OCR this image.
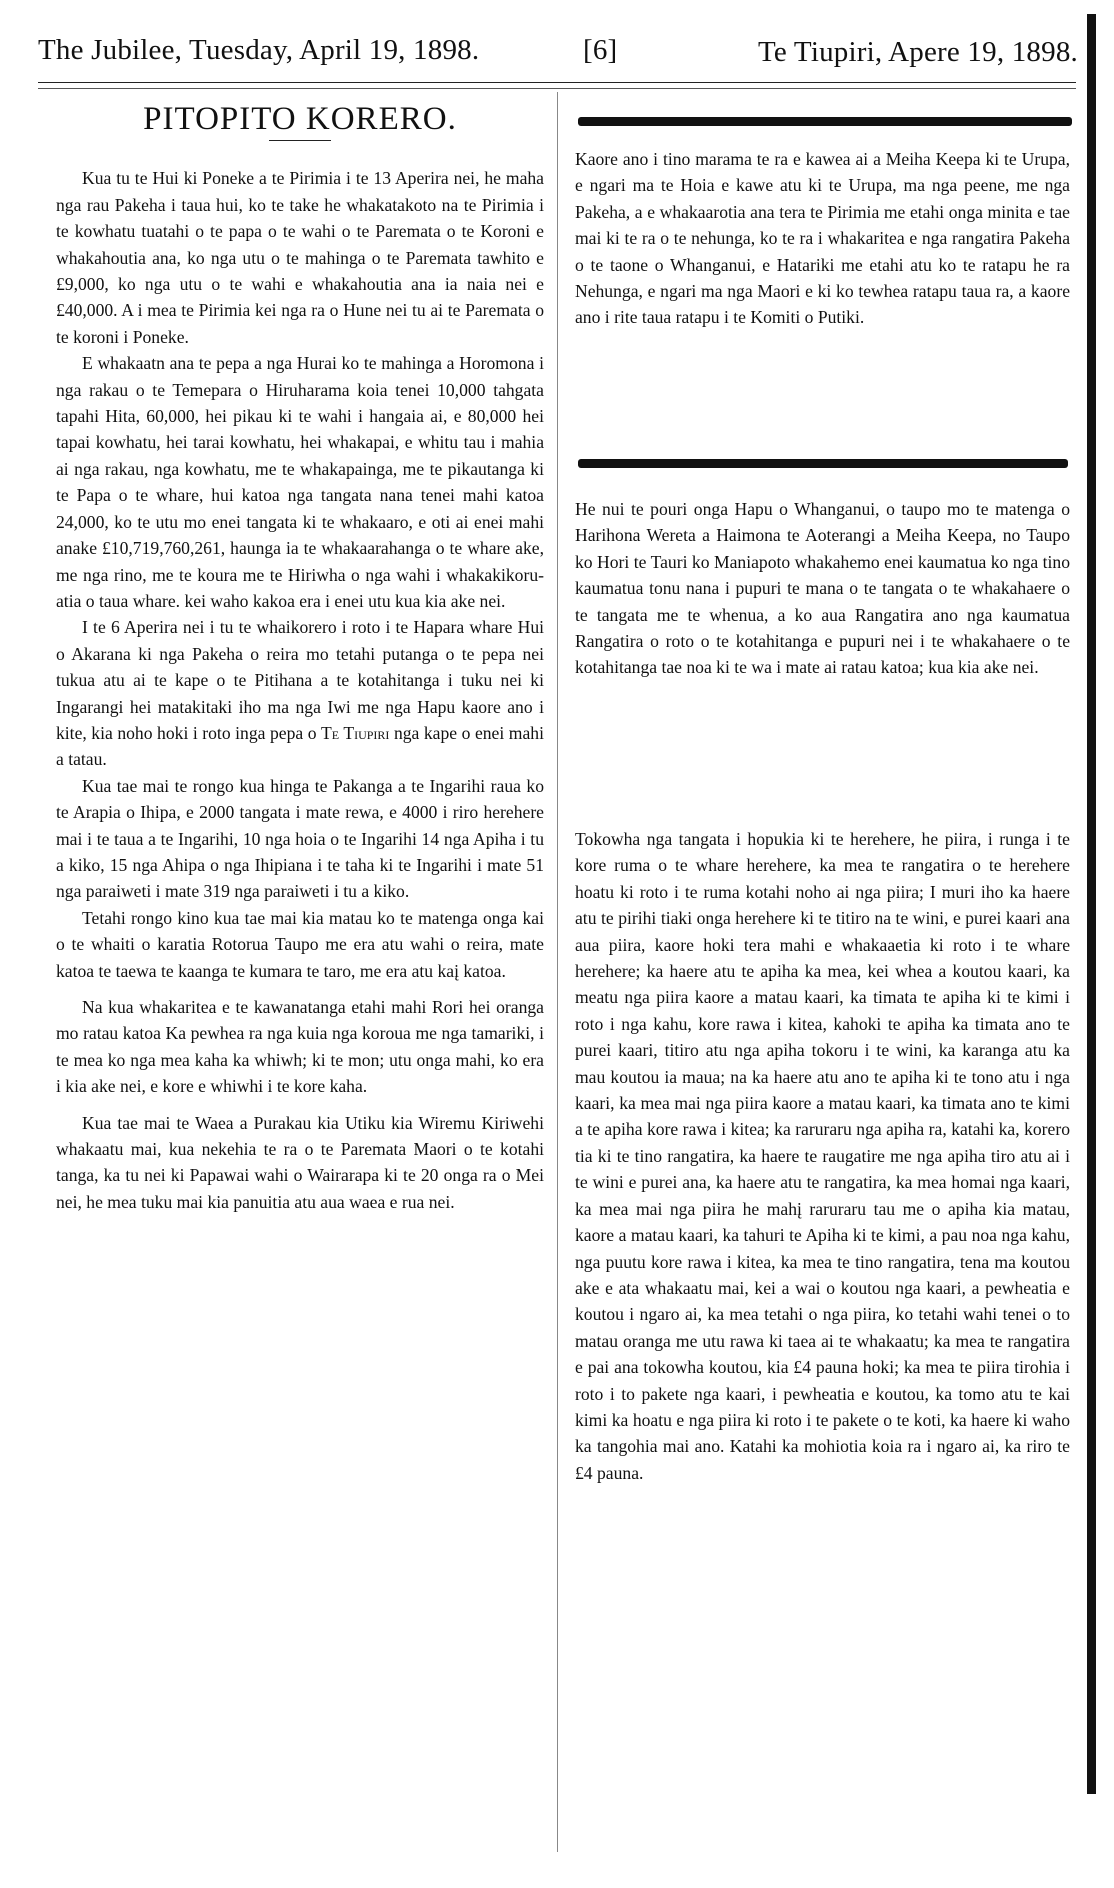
The Jubilee, Tuesday, April 19, 1898.	[6]	Te Tiupiri, Apere 19, 1898.
PITOPITO KORERO.

Kua tu te Hui ki Poneke a te Pirimia i te 13 Aperira nei, he maha nga rau Pakeha i taua hui, ko te take he whakatakoto na te Pirimia i te kowhatu tuatahi o te papa o te wahi o te Paremata o te Koroni e whakahoutia ana, ko nga utu o te mahinga o te Paremata tawhito e £9,000, ko nga utu o te wahi e whakahoutia ana ia naia nei e £40,000. A i mea te Pirimia kei nga ra o Hune nei tu ai te Paremata o te koroni i Poneke.

E whakaatn ana te pepa a nga Hurai ko te mahinga a Horomona i nga rakau o te Temepara o Hiruharama koia tenei 10,000 tahgata tapahi Hita, 60,000, hei pikau ki te wahi i hangaia ai, e 80,000 hei tapai kowhatu, hei tarai kowhatu, hei whakapai, e whitu tau i mahia ai nga rakau, nga kowhatu, me te whakapainga, me te pikautanga ki te Papa o te whare, hui katoa nga tangata nana tenei mahi katoa 24,000, ko te utu mo enei tangata ki te whakaaro, e oti ai enei mahi anake £10,719,760,261, haunga ia te whakaarahanga o te whare ake, me nga rino, me te koura me te Hiriwha o nga wahi i whakakikoruatia o taua whare. kei waho kakoa era i enei utu kua kia ake nei.

I te 6 Aperira nei i tu te whaikorero i roto i te Hapara whare Hui o Akarana ki nga Pakeha o reira mo tetahi putanga o te pepa nei tukua atu ai te kape o te Pitihana a te kotahitanga i tuku nei ki Ingarangi hei matakitaki iho ma nga Iwi me nga Hapu kaore ano i kite, kia noho hoki i roto inga pepa o Te Tiupiri nga kape o enei mahi a tatau.

Kua tae mai te rongo kua hinga te Pakanga a te Ingarihi raua ko te Arapia o Ihipa, e 2000 tangata i mate rewa, e 4000 i riro herehere mai i te taua a te Ingarihi, 10 nga hoia o te Ingarihi 14 nga Apiha i tu a kiko, 15 nga Ahipa o nga Ihipiana i te taha ki te Ingarihi i mate 51 nga paraiweti i mate 319 nga paraiweti i tu a kiko.

Tetahi rongo kino kua tae mai kia matau ko te matenga onga kai o te whaiti o karatia Rotorua Taupo me era atu wahi o reira, mate katoa te taewa te kaanga te kumara te taro, me era atu kaį katoa.

Na kua whakaritea e te kawanatanga etahi mahi Rori hei oranga mo ratau katoa Ka pewhea ra nga kuia nga koroua me nga tamariki, i te mea ko nga mea kaha ka whiwh; ki te mon; utu onga mahi, ko era i kia ake nei, e kore e whiwhi i te kore kaha.

Kua tae mai te Waea a Purakau kia Utiku kia Wiremu Kiriwehi whakaatu mai, kua nekehia te ra o te Paremata Maori o te kotahi tanga, ka tu nei ki Papawai wahi o Wairarapa ki te 20 onga ra o Mei nei, he mea tuku mai kia panuitia atu aua waea e rua nei.

Kaore ano i tino marama te ra e kawea ai a Meiha Keepa ki te Urupa, e ngari ma te Hoia e kawe atu ki te Urupa, ma nga peene, me nga Pakeha, a e whakaarotia ana tera te Pirimia me etahi onga minita e tae mai ki te ra o te nehunga, ko te ra i whakaritea e nga rangatira Pakeha o te taone o Whanganui, e Hatariki me etahi atu ko te ratapu he ra Nehunga, e ngari ma nga Maori e ki ko tewhea ratapu taua ra, a kaore ano i rite taua ratapu i te Komiti o Putiki.

He nui te pouri onga Hapu o Whanganui, o taupo mo te matenga o Harihona Wereta a Haimona te Aoterangi a Meiha Keepa, no Taupo ko Hori te Tauri ko Maniapoto whakahemo enei kaumatua ko nga tino kaumatua tonu nana i pupuri te mana o te tangata o te whakahaere o te tangata me te whenua, a ko aua Rangatira ano nga kaumatua Rangatira o roto o te kotahitanga e pupuri nei i te whakahaere o te kotahitanga tae noa ki te wa i mate ai ratau katoa; kua kia ake nei.

Tokowha nga tangata i hopukia ki te herehere, he piira, i runga i te kore ruma o te whare herehere, ka mea te rangatira o te herehere hoatu ki roto i te ruma kotahi noho ai nga piira; I muri iho ka haere atu te pirihi tiaki onga herehere ki te titiro na te wini, e purei kaari ana aua piira, kaore hoki tera mahi e whakaaetia ki roto i te whare herehere; ka haere atu te apiha ka mea, kei whea a koutou kaari, ka meatu nga piira kaore a matau kaari, ka timata te apiha ki te kimi i roto i nga kahu, kore rawa i kitea, kahoki te apiha ka timata ano te purei kaari, titiro atu nga apiha tokoru i te wini, ka karanga atu ka mau koutou ia maua; na ka haere atu ano te apiha ki te tono atu i nga kaari, ka mea mai nga piira kaore a matau kaari, ka timata ano te kimi a te apiha kore rawa i kitea; ka raruraru nga apiha ra, katahi ka, korero tia ki te tino rangatira, ka haere te raugatire me nga apiha tiro atu ai i te wini e purei ana, ka haere atu te rangatira, ka mea homai nga kaari, ka mea mai nga piira he mahį raruraru tau me o apiha kia matau, kaore a matau kaari, ka tahuri te Apiha ki te kimi, a pau noa nga kahu, nga puutu kore rawa i kitea, ka mea te tino rangatira, tena ma koutou ake e ata whakaatu mai, kei a wai o koutou nga kaari, a pewheatia e koutou i ngaro ai, ka mea tetahi o nga piira, ko tetahi wahi tenei o to matau oranga me utu rawa ki taea ai te whakaatu; ka mea te rangatira e pai ana tokowha koutou, kia £4 pauna hoki; ka mea te piira tirohia i roto i to pakete nga kaari, i pewheatia e koutou, ka tomo atu te kai kimi ka hoatu e nga piira ki roto i te pakete o te koti, ka haere ki waho ka tangohia mai ano. Katahi ka mohiotia koia ra i ngaro ai, ka riro te £4 pauna.
